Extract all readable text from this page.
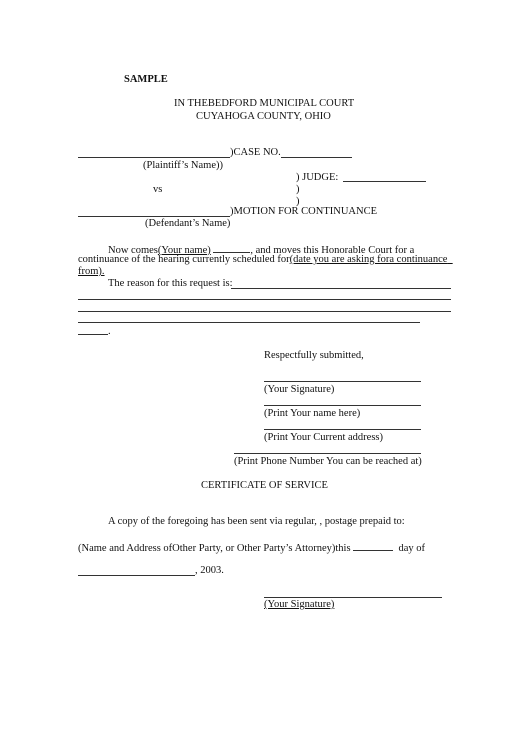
SAMPLE
IN THEBEDFORD MUNICIPAL COURT
CUYAHOGA COUNTY, OHIO
)CASE NO.
(Plaintiff’s Name))
) JUDGE:
vs	)
)
)MOTION FOR CONTINUANCE
(Defendant’s Name)
Now comes(Your name)	, and moves this Honorable Court for a
continuance of the hearing currently scheduled for(date you are asking fora continuance
from).
The reason for this request is:
.
Respectfully submitted,
(Your Signature)
(Print Your name here)
(Print Your Current address)
(Print Phone Number You can be reached at)
CERTIFICATE OF SERVICE
A copy of the foregoing has been sent via regular, , postage prepaid to:
(Name and Address ofOther Party, or Other Party’s Attorney)this	day of
, 2003.
(Your Signature)
